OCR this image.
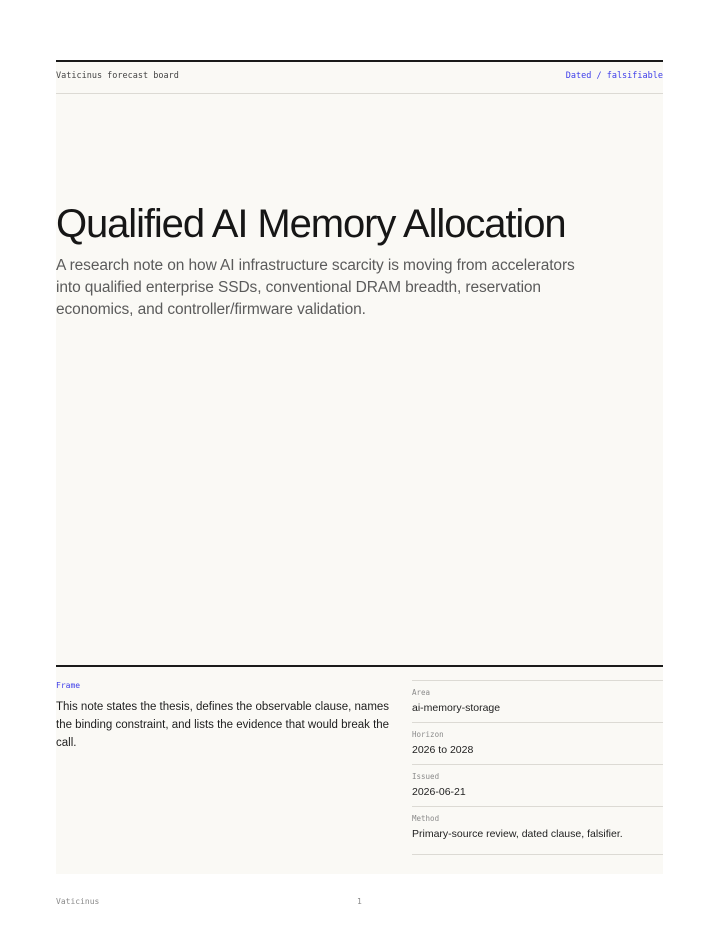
Vaticinus forecast board	Dated / falsifiable
Qualified AI Memory Allocation

A research note on how AI infrastructure scarcity is moving from accelerators into qualified enterprise SSDs, conventional DRAM breadth, reservation economics, and controller/firmware validation.

Frame

This note states the thesis, defines the observable clause, names the binding constraint, and lists the evidence that would break the call.

Area
ai-memory-storage
Horizon
2026 to 2028
Issued
2026-06-21
Method
Primary-source review, dated clause, falsifier.
Vaticinus	1
